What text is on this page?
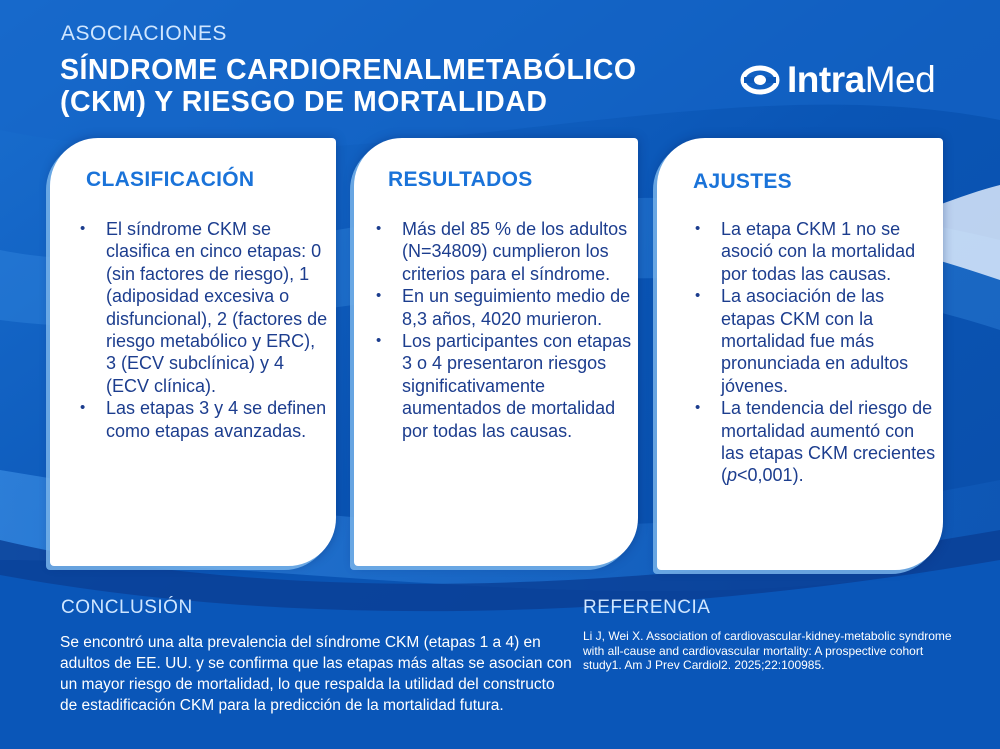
ASOCIACIONES
SÍNDROME CARDIORENALMETABÓLICO
(CKM) Y RIESGO DE MORTALIDAD
IntraMed
CLASIFICACIÓN
• El síndrome CKM se clasifica en cinco etapas: 0 (sin factores de riesgo), 1 (adiposidad excesiva o disfuncional), 2 (factores de riesgo metabólico y ERC), 3 (ECV subclínica) y 4 (ECV clínica).
• Las etapas 3 y 4 se definen como etapas avanzadas.
RESULTADOS
• Más del 85 % de los adultos (N=34809) cumplieron los criterios para el síndrome.
• En un seguimiento medio de 8,3 años, 4020 murieron.
• Los participantes con etapas 3 o 4 presentaron riesgos significativamente aumentados de mortalidad por todas las causas.
AJUSTES
• La etapa CKM 1 no se asoció con la mortalidad por todas las causas.
• La asociación de las etapas CKM con la mortalidad fue más pronunciada en adultos jóvenes.
• La tendencia del riesgo de mortalidad aumentó con las etapas CKM crecientes (p<0,001).
CONCLUSIÓN
Se encontró una alta prevalencia del síndrome CKM (etapas 1 a 4) en adultos de EE. UU. y se confirma que las etapas más altas se asocian con un mayor riesgo de mortalidad, lo que respalda la utilidad del constructo de estadificación CKM para la predicción de la mortalidad futura.
REFERENCIA
Li J, Wei X. Association of cardiovascular-kidney-metabolic syndrome with all-cause and cardiovascular mortality: A prospective cohort study1. Am J Prev Cardiol2. 2025;22:100985.
